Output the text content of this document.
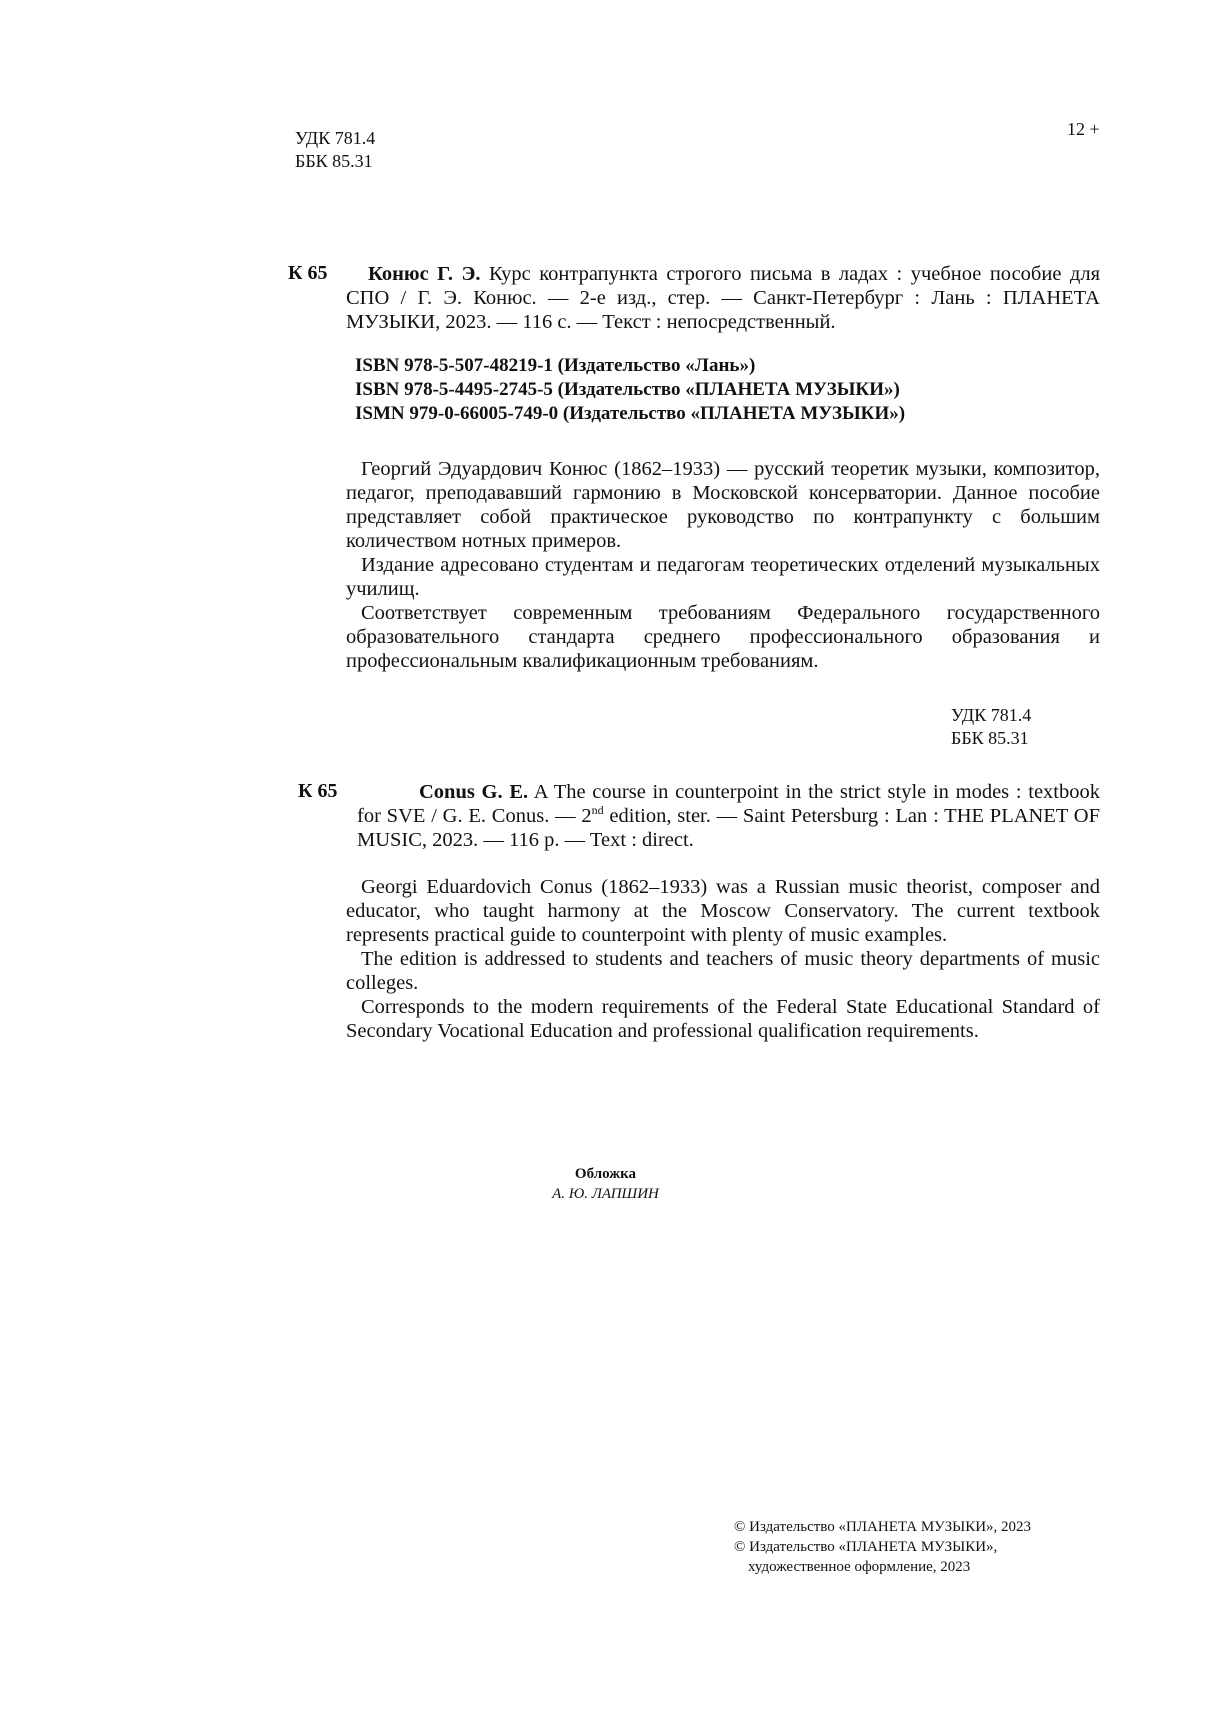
УДК 781.4
ББК 85.31
12 +
К 65	Конюс Г. Э. Курс контрапункта строгого письма в ладах : учебное пособие для СПО / Г. Э. Конюс. — 2-е изд., стер. — Санкт-Петербург : Лань : ПЛАНЕТА МУЗЫКИ, 2023. — 116 с. — Текст : непосредственный.
ISBN 978-5-507-48219-1 (Издательство «Лань»)
ISBN 978-5-4495-2745-5 (Издательство «ПЛАНЕТА МУЗЫКИ»)
ISMN 979-0-66005-749-0 (Издательство «ПЛАНЕТА МУЗЫКИ»)

Георгий Эдуардович Конюс (1862–1933) — русский теоретик музыки, композитор, педагог, преподававший гармонию в Московской консерватории. Данное пособие представляет собой практическое руководство по контрапункту с большим количеством нотных примеров.

Издание адресовано студентам и педагогам теоретических отделений музыкальных училищ.

Соответствует современным требованиям Федерального государственного образовательного стандарта среднего профессионального образования и профессиональным квалификационным требованиям.

УДК 781.4
ББК 85.31
К 65	Conus G. E. A The course in counterpoint in the strict style in modes : textbook for SVE / G. E. Conus. — 2nd edition, ster. — Saint Petersburg : Lan : THE PLANET OF MUSIC, 2023. — 116 p. — Text : direct.

Georgi Eduardovich Conus (1862–1933) was a Russian music theorist, composer and educator, who taught harmony at the Moscow Conservatory. The current textbook represents practical guide to counterpoint with plenty of music examples.

The edition is addressed to students and teachers of music theory departments of music colleges.

Corresponds to the modern requirements of the Federal State Educational Standard of Secondary Vocational Education and professional qualification requirements.

Обложка
А. Ю. ЛАПШИН
© Издательство «ПЛАНЕТА МУЗЫКИ», 2023
© Издательство «ПЛАНЕТА МУЗЫКИ»,
художественное оформление, 2023
